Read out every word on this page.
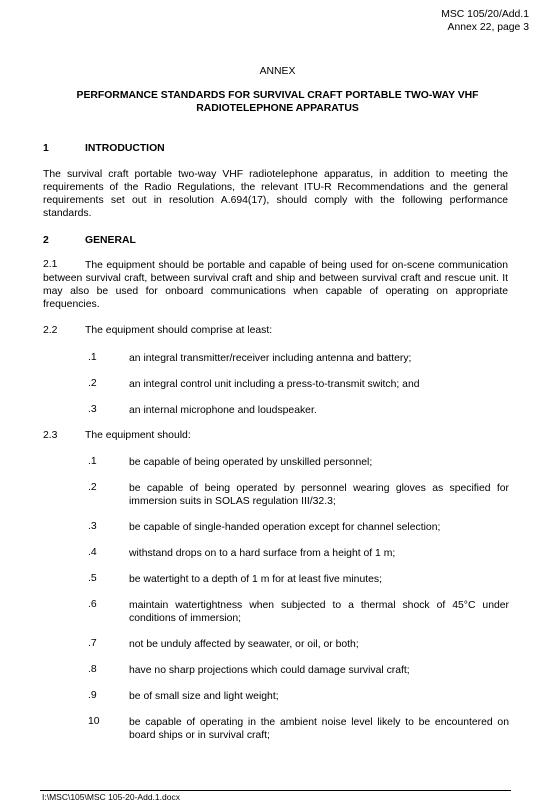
MSC 105/20/Add.1
Annex 22, page 3
ANNEX
PERFORMANCE STANDARDS FOR SURVIVAL CRAFT PORTABLE TWO-WAY VHF RADIOTELEPHONE APPARATUS
1	INTRODUCTION
The survival craft portable two-way VHF radiotelephone apparatus, in addition to meeting the requirements of the Radio Regulations, the relevant ITU-R Recommendations and the general requirements set out in resolution A.694(17), should comply with the following performance standards.
2	GENERAL
2.1	The equipment should be portable and capable of being used for on-scene communication between survival craft, between survival craft and ship and between survival craft and rescue unit. It may also be used for onboard communications when capable of operating on appropriate frequencies.
2.2	The equipment should comprise at least:
.1	an integral transmitter/receiver including antenna and battery;
.2	an integral control unit including a press-to-transmit switch; and
.3	an internal microphone and loudspeaker.
2.3	The equipment should:
.1	be capable of being operated by unskilled personnel;
.2	be capable of being operated by personnel wearing gloves as specified for immersion suits in SOLAS regulation III/32.3;
.3	be capable of single-handed operation except for channel selection;
.4	withstand drops on to a hard surface from a height of 1 m;
.5	be watertight to a depth of 1 m for at least five minutes;
.6	maintain watertightness when subjected to a thermal shock of 45°C under conditions of immersion;
.7	not be unduly affected by seawater, or oil, or both;
.8	have no sharp projections which could damage survival craft;
.9	be of small size and light weight;
10	be capable of operating in the ambient noise level likely to be encountered on board ships or in survival craft;
I:\MSC\105\MSC 105-20-Add.1.docx
